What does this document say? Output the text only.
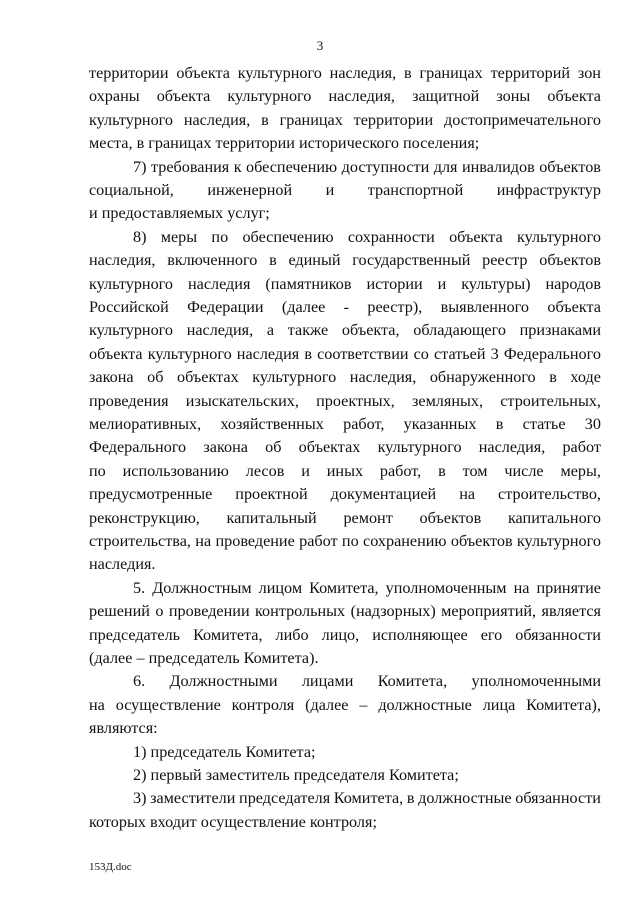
3
территории объекта культурного наследия, в границах территорий зон
охраны объекта культурного наследия, защитной зоны объекта
культурного наследия, в границах территории достопримечательного
места, в границах территории исторического поселения;
7) требования к обеспечению доступности для инвалидов объектов
социальной, инженерной и транспортной инфраструктур
и предоставляемых услуг;
8) меры по обеспечению сохранности объекта культурного
наследия, включенного в единый государственный реестр объектов
культурного наследия (памятников истории и культуры) народов
Российской Федерации (далее - реестр), выявленного объекта
культурного наследия, а также объекта, обладающего признаками
объекта культурного наследия в соответствии со статьей 3 Федерального
закона об объектах культурного наследия, обнаруженного в ходе
проведения изыскательских, проектных, земляных, строительных,
мелиоративных, хозяйственных работ, указанных в статье 30
Федерального закона об объектах культурного наследия, работ
по использованию лесов и иных работ, в том числе меры,
предусмотренные проектной документацией на строительство,
реконструкцию, капитальный ремонт объектов капитального
строительства, на проведение работ по сохранению объектов культурного
наследия.
5. Должностным лицом Комитета, уполномоченным на принятие
решений о проведении контрольных (надзорных) мероприятий, является
председатель Комитета, либо лицо, исполняющее его обязанности
(далее – председатель Комитета).
6. Должностными лицами Комитета, уполномоченными
на осуществление контроля (далее – должностные лица Комитета),
являются:
1) председатель Комитета;
2) первый заместитель председателя Комитета;
3) заместители председателя Комитета, в должностные обязанности
которых входит осуществление контроля;
153Д.doc
